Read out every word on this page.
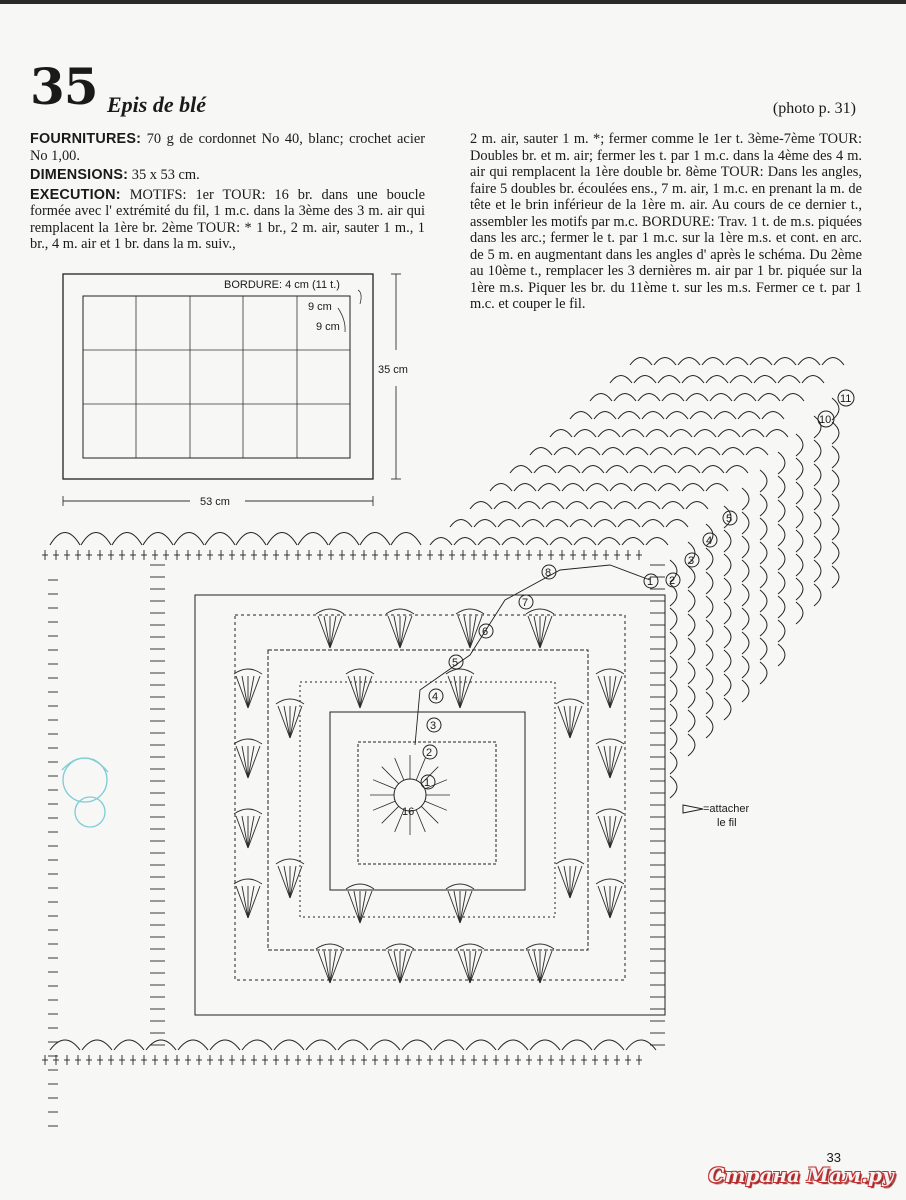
35 Epis de blé	(photo p. 31)

FOURNITURES: 70 g de cordonnet No 40, blanc; crochet acier No 1,00.

DIMENSIONS: 35 x 53 cm.

EXECUTION: MOTIFS: 1er TOUR: 16 br. dans une boucle formée avec l' extrémité du fil, 1 m.c. dans la 3ème des 3 m. air qui remplacent la 1ère br. 2ème TOUR: * 1 br., 2 m. air, sauter 1 m., 1 br., 4 m. air et 1 br. dans la m. suiv.,

2 m. air, sauter 1 m. *; fermer comme le 1er t. 3ème-7ème TOUR: Doubles br. et m. air; fermer les t. par 1 m.c. dans la 4ème des 4 m. air qui remplacent la 1ère double br. 8ème TOUR: Dans les angles, faire 5 doubles br. écoulées ens., 7 m. air, 1 m.c. en prenant la m. de tête et le brin inférieur de la 1ère m. air. Au cours de ce dernier t., assembler les motifs par m.c. BORDURE: Trav. 1 t. de m.s. piquées dans les arc.; fermer le t. par 1 m.c. sur la 1ère m.s. et cont. en arc. de 5 m. en augmentant dans les angles d' après le schéma. Du 2ème au 10ème t., remplacer les 3 dernières m. air par 1 br. piquée sur la 1ère m.s. Piquer les br. du 11ème t. sur les m.s. Fermer ce t. par 1 m.c. et couper le fil.

BORDURE: 4 cm (11 t.)
9 cm
9 cm
35 cm
53 cm
16
1
2
3
4
5
6
7
8
1 2
3
4
5
10
11
=attacher
le fil
33
Страна Мам.ру
